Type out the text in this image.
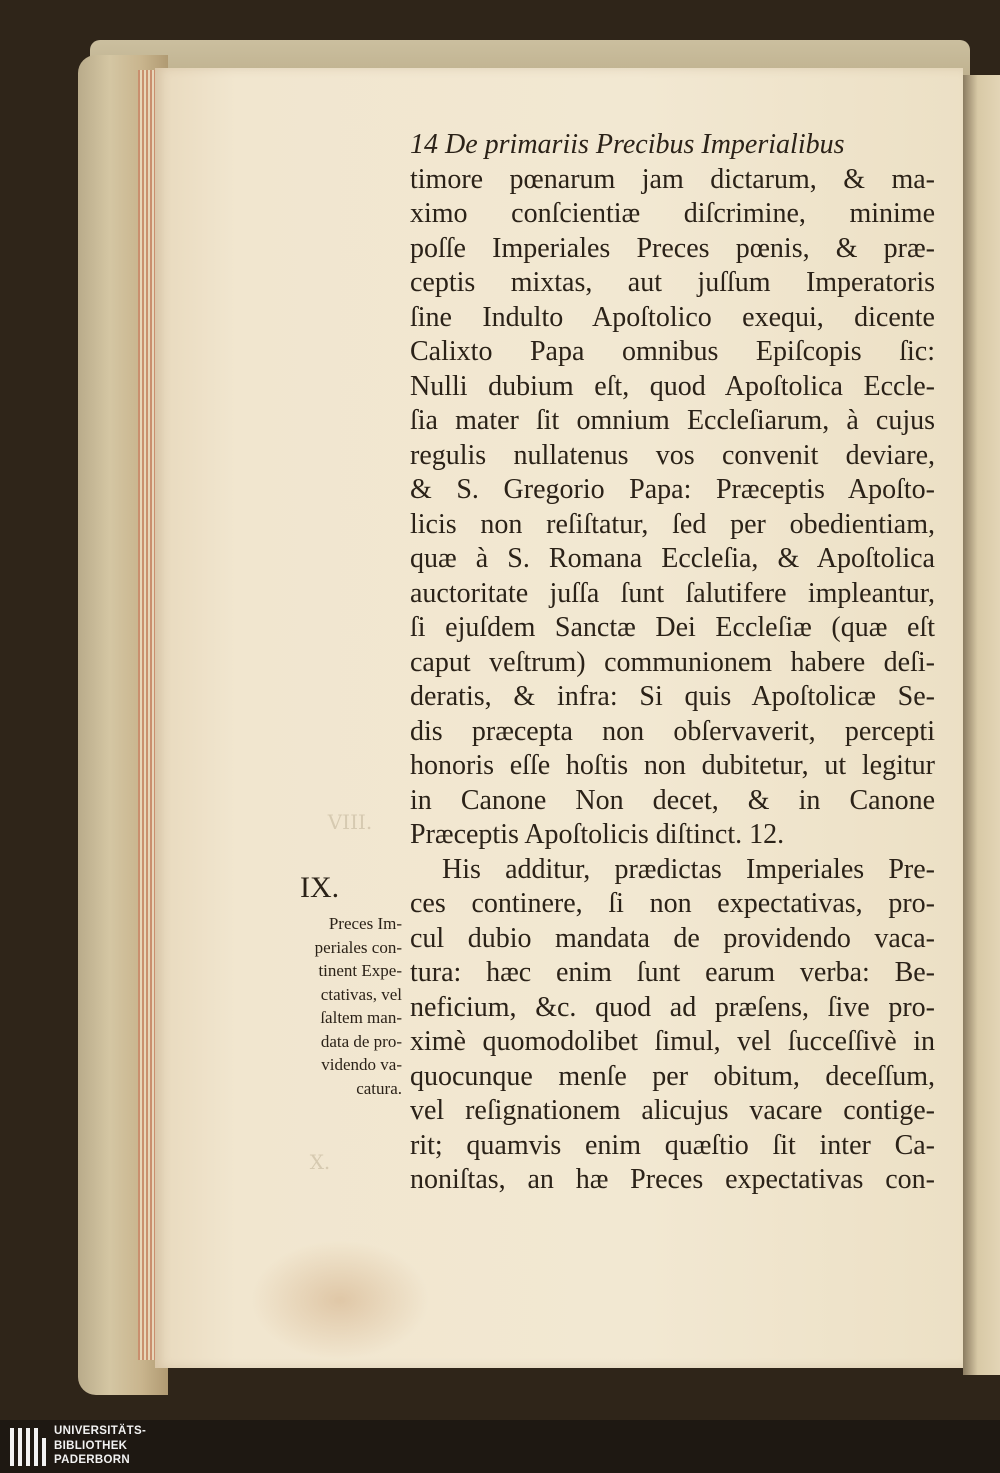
VIII.
X.
14 De primariis Precibus Imperialibus
timore pœnarum jam dictarum, & ma-
ximo conſcientiæ diſcrimine, minime
poſſe Imperiales Preces pœnis, & præ-
ceptis mixtas, aut juſſum Imperatoris
ſine Indulto Apoſtolico exequi, dicente
Calixto Papa omnibus Epiſcopis ſic:
Nulli dubium eſt, quod Apoſtolica Eccle-
ſia mater ſit omnium Eccleſiarum, à cujus
regulis nullatenus vos convenit deviare,
& S. Gregorio Papa: Præceptis Apoſto-
licis non reſiſtatur, ſed per obedientiam,
quæ à S. Romana Eccleſia, & Apoſtolica
auctoritate juſſa ſunt ſalutifere impleantur,
ſi ejuſdem Sanctæ Dei Eccleſiæ (quæ eſt
caput veſtrum) communionem habere deſi-
deratis, & infra: Si quis Apoſtolicæ Se-
dis præcepta non obſervaverit, percepti
honoris eſſe hoſtis non dubitetur, ut legitur
in Canone Non decet, & in Canone
Præceptis Apoſtolicis diſtinct. 12.
His additur, prædictas Imperiales Pre-
ces continere, ſi non expectativas, pro-
cul dubio mandata de providendo vaca-
tura: hæc enim ſunt earum verba: Be-
neficium, &c. quod ad præſens, ſive pro-
ximè quomodolibet ſimul, vel ſucceſſivè in
quocunque menſe per obitum, deceſſum,
vel reſignationem alicujus vacare contige-
rit; quamvis enim quæſtio ſit inter Ca-
noniſtas, an hæ Preces expectativas con-
IX.
Preces Im-
periales con-
tinent Expe-
ctativas, vel
ſaltem man-
data de pro-
videndo va-
catura.
UNIVERSITÄTS-
BIBLIOTHEK
PADERBORN
